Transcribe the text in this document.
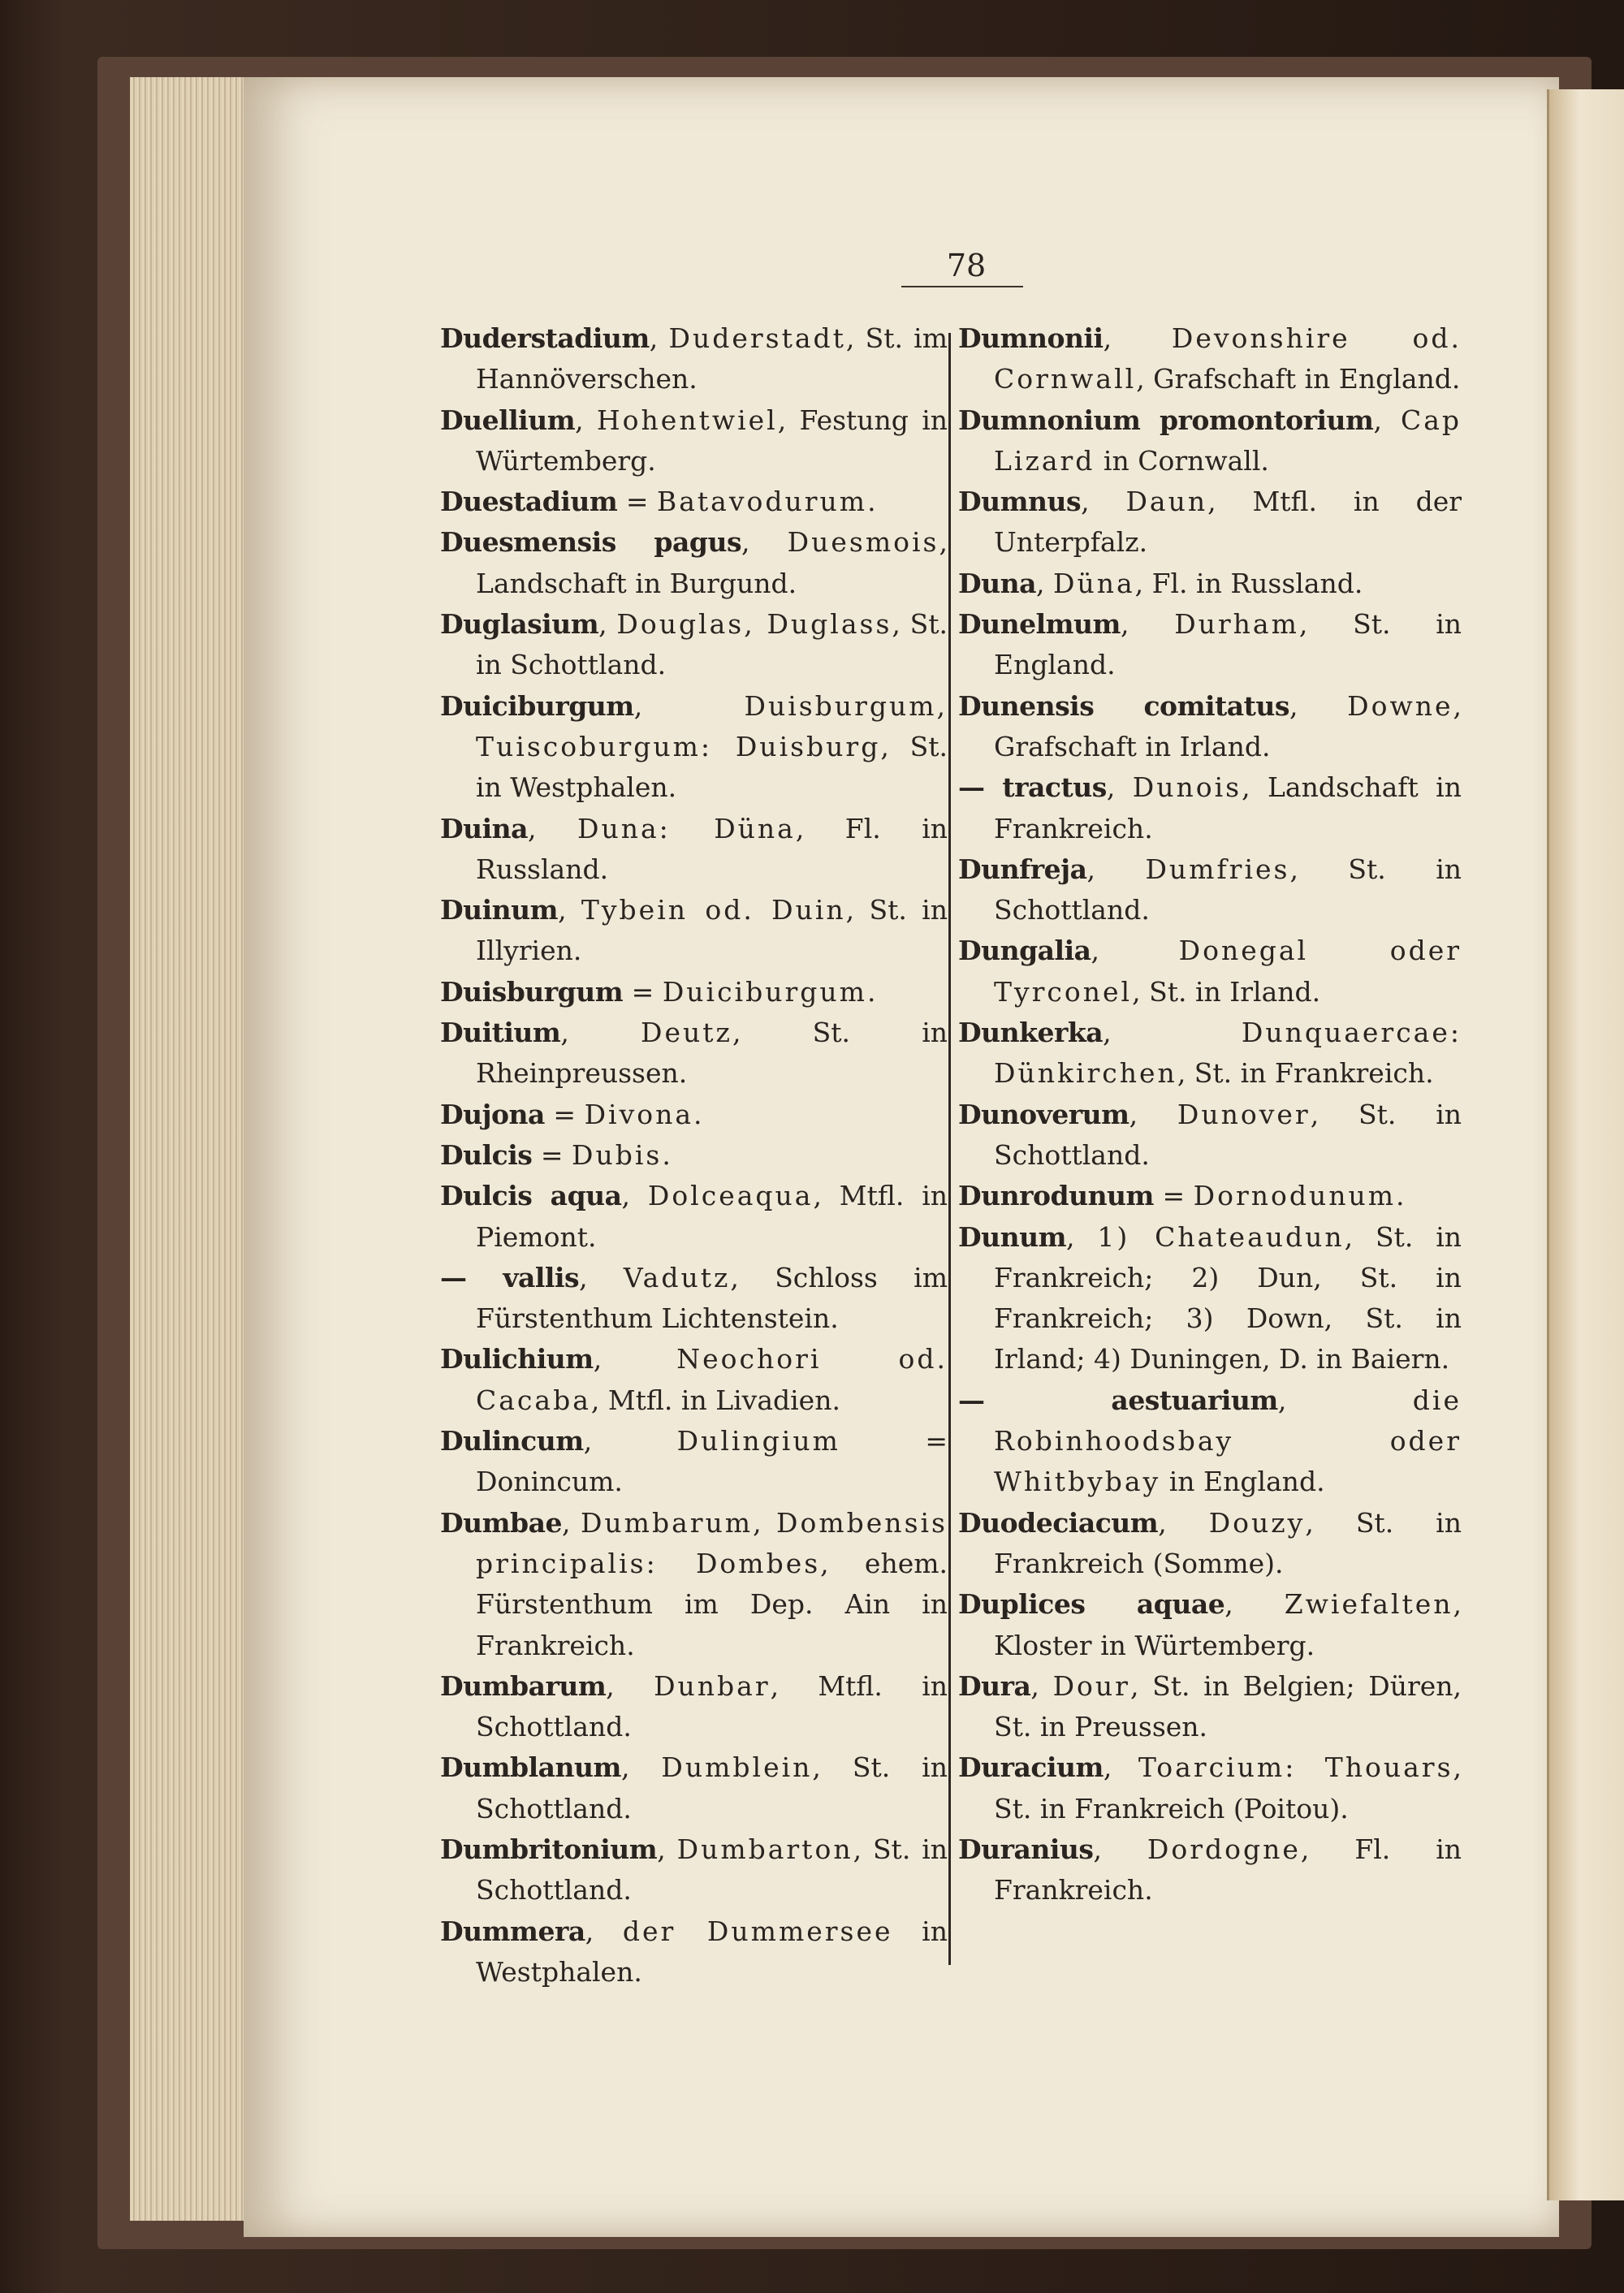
78

Duderstadium, Duderstadt, St. im Hannöverschen.

Duellium, Hohentwiel, Festung in Würtemberg.

Duestadium = Batavodurum.

Duesmensis pagus, Duesmois, Landschaft in Burgund.

Duglasium, Douglas, Duglass, St. in Schottland.

Duiciburgum, Duisburgum, Tuiscoburgum: Duisburg, St. in Westphalen.

Duina, Duna: Düna, Fl. in Russland.

Duinum, Tybein od. Duin, St. in Illyrien.

Duisburgum = Duiciburgum.

Duitium, Deutz, St. in Rheinpreussen.

Dujona = Divona.

Dulcis = Dubis.

Dulcis aqua, Dolceaqua, Mtfl. in Piemont.

— vallis, Vadutz, Schloss im Fürstenthum Lichtenstein.

Dulichium, Neochori od. Cacaba, Mtfl. in Livadien.

Dulincum, Dulingium = Donincum.

Dumbae, Dumbarum, Dombensis principalis: Dombes, ehem. Fürstenthum im Dep. Ain in Frankreich.

Dumbarum, Dunbar, Mtfl. in Schottland.

Dumblanum, Dumblein, St. in Schottland.

Dumbritonium, Dumbarton, St. in Schottland.

Dummera, der Dummersee in Westphalen.

Dumnonii, Devonshire od. Cornwall, Grafschaft in England.

Dumnonium promontorium, Cap Lizard in Cornwall.

Dumnus, Daun, Mtfl. in der Unterpfalz.

Duna, Düna, Fl. in Russland.

Dunelmum, Durham, St. in England.

Dunensis comitatus, Downe, Grafschaft in Irland.

— tractus, Dunois, Landschaft in Frankreich.

Dunfreja, Dumfries, St. in Schottland.

Dungalia, Donegal oder Tyrconel, St. in Irland.

Dunkerka, Dunquaercae: Dünkirchen, St. in Frankreich.

Dunoverum, Dunover, St. in Schottland.

Dunrodunum = Dornodunum.

Dunum, 1) Chateaudun, St. in Frankreich; 2) Dun, St. in Frankreich; 3) Down, St. in Irland; 4) Duningen, D. in Baiern.

— aestuarium, die Robinhoodsbay oder Whitbybay in England.

Duodeciacum, Douzy, St. in Frankreich (Somme).

Duplices aquae, Zwiefalten, Kloster in Würtemberg.

Dura, Dour, St. in Belgien; Düren, St. in Preussen.

Duracium, Toarcium: Thouars, St. in Frankreich (Poitou).

Duranius, Dordogne, Fl. in Frankreich.
